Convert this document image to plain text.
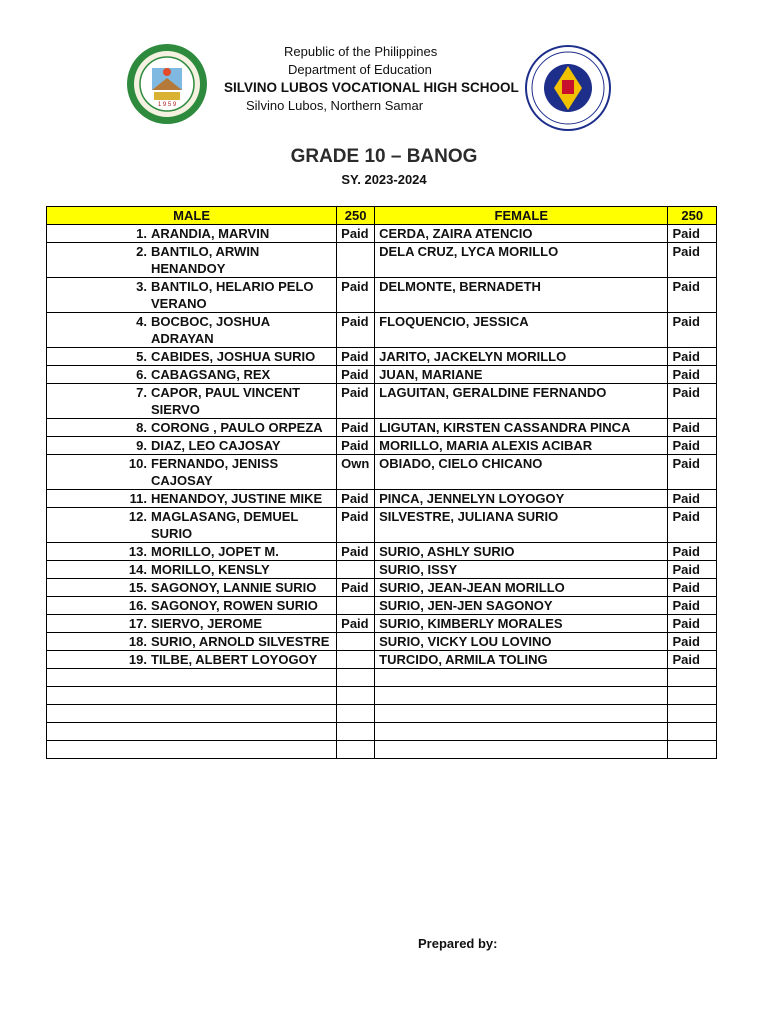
1 9 5 9
Republic of the Philippines
Department of Education
SILVINO LUBOS VOCATIONAL HIGH SCHOOL
Silvino Lubos, Northern Samar
GRADE 10 – BANOG
SY. 2023-2024
MALE	250	FEMALE	250

1. ARANDIA, MARVIN	Paid	CERDA, ZAIRA ATENCIO	Paid

2. BANTILO, ARWIN HENANDOY		DELA CRUZ, LYCA MORILLO	Paid

3. BANTILO, HELARIO PELO VERANO	Paid	DELMONTE, BERNADETH	Paid

4. BOCBOC, JOSHUA ADRAYAN	Paid	FLOQUENCIO, JESSICA	Paid

5. CABIDES, JOSHUA SURIO	Paid	JARITO, JACKELYN MORILLO	Paid

6. CABAGSANG, REX	Paid	JUAN, MARIANE	Paid

7. CAPOR, PAUL VINCENT SIERVO	Paid	LAGUITAN, GERALDINE FERNANDO	Paid

8. CORONG , PAULO ORPEZA	Paid	LIGUTAN, KIRSTEN CASSANDRA PINCA	Paid

9. DIAZ, LEO CAJOSAY	Paid	MORILLO, MARIA ALEXIS ACIBAR	Paid

10. FERNANDO, JENISS CAJOSAY	Own	OBIADO, CIELO CHICANO	Paid

11. HENANDOY, JUSTINE MIKE	Paid	PINCA, JENNELYN LOYOGOY	Paid

12. MAGLASANG, DEMUEL SURIO	Paid	SILVESTRE, JULIANA SURIO	Paid

13. MORILLO, JOPET M.	Paid	SURIO, ASHLY SURIO	Paid

14. MORILLO, KENSLY		SURIO, ISSY	Paid

15. SAGONOY, LANNIE SURIO	Paid	SURIO, JEAN-JEAN MORILLO	Paid

16. SAGONOY, ROWEN SURIO		SURIO, JEN-JEN SAGONOY	Paid

17. SIERVO, JEROME	Paid	SURIO, KIMBERLY MORALES	Paid

18. SURIO, ARNOLD SILVESTRE		SURIO, VICKY LOU LOVINO	Paid

19. TILBE, ALBERT LOYOGOY		TURCIDO, ARMILA TOLING	Paid

Prepared by:
